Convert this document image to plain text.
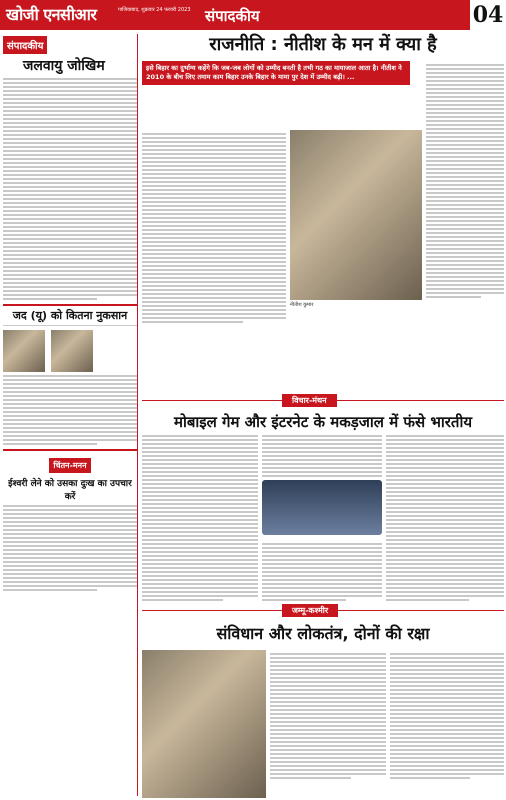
खोजी एनसीआर	गाजियाबाद, शुक्रवार 24 फरवरी 2023 संपादकीय	04
संपादकीय
जलवायु जोखिम
जद (यू) को कितना नुकसान
चिंतन-मनन
ईश्वरी लेने को उसका दुःख का उपचार करें
राजनीति : नीतीश के मन में क्या है
इसे बिहार का दुर्भाग्य कहेंगे कि जब-जब लोगों को उम्मीद बनती है तभी गठ का मायाजाल आता है। नीतीश ने 2010 के बीच लिए तमाम काम बिहार उनके बिहार के मामा पुर देश में उम्मीद बढ़ी। ...
नीतीश कुमार
विचार-मंथन
मोबाइल गेम और इंटरनेट के मकड़जाल में फंसे भारतीय
जम्मू-कश्मीर
संविधान और लोकतंत्र, दोनों की रक्षा
